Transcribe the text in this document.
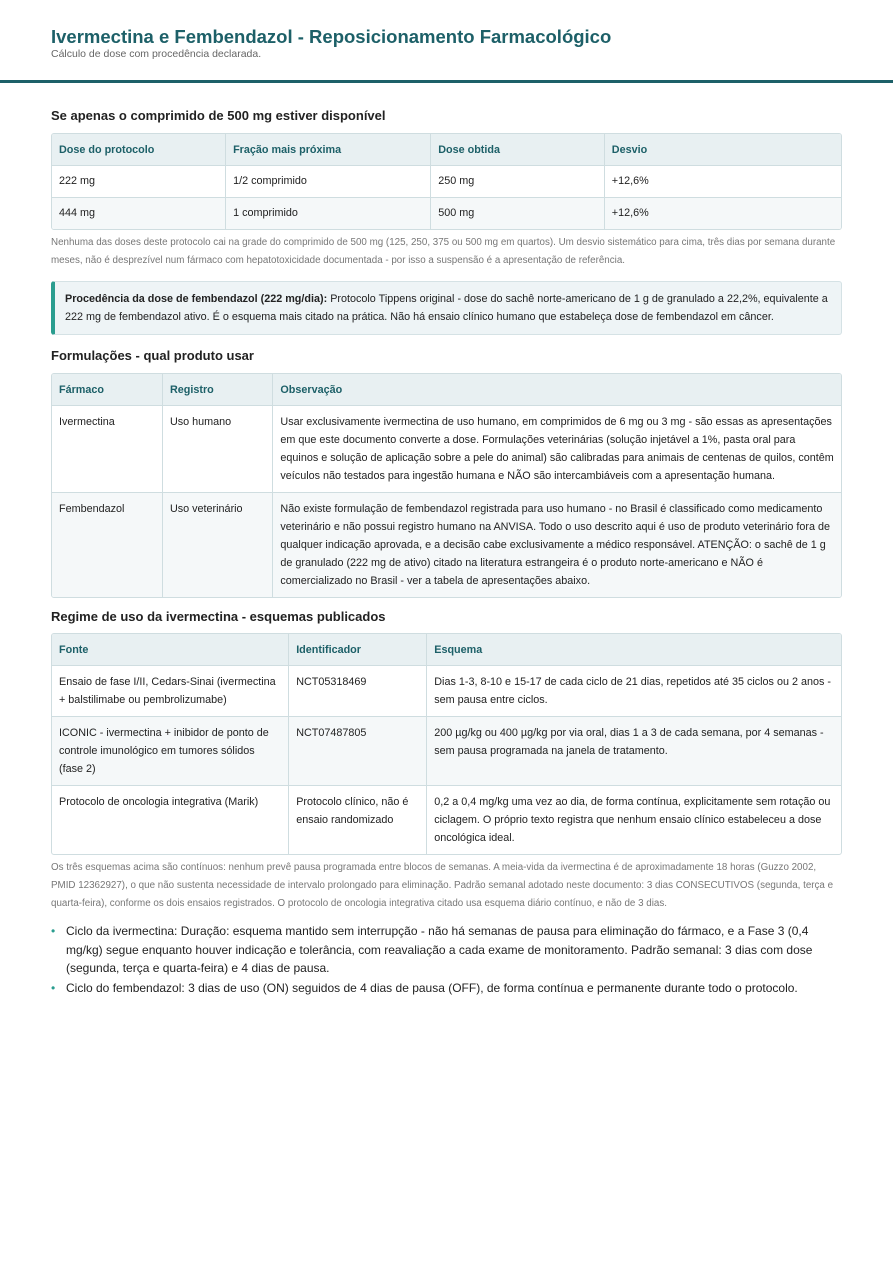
Ivermectina e Fembendazol - Reposicionamento Farmacológico
Cálculo de dose com procedência declarada.
Se apenas o comprimido de 500 mg estiver disponível
Dose do protocolo	Fração mais próxima	Dose obtida	Desvio
222 mg	1/2 comprimido	250 mg	+12,6%
444 mg	1 comprimido	500 mg	+12,6%
Nenhuma das doses deste protocolo cai na grade do comprimido de 500 mg (125, 250, 375 ou 500 mg em quartos). Um desvio sistemático para cima, três dias por semana durante meses, não é desprezível num fármaco com hepatotoxicidade documentada - por isso a suspensão é a apresentação de referência.
Procedência da dose de fembendazol (222 mg/dia): Protocolo Tippens original - dose do sachê norte-americano de 1 g de granulado a 22,2%, equivalente a 222 mg de fembendazol ativo. É o esquema mais citado na prática. Não há ensaio clínico humano que estabeleça dose de fembendazol em câncer.
Formulações - qual produto usar
Fármaco	Registro	Observação
Ivermectina	Uso humano	Usar exclusivamente ivermectina de uso humano, em comprimidos de 6 mg ou 3 mg - são essas as apresentações em que este documento converte a dose. Formulações veterinárias (solução injetável a 1%, pasta oral para equinos e solução de aplicação sobre a pele do animal) são calibradas para animais de centenas de quilos, contêm veículos não testados para ingestão humana e NÃO são intercambiáveis com a apresentação humana.
Fembendazol	Uso veterinário	Não existe formulação de fembendazol registrada para uso humano - no Brasil é classificado como medicamento veterinário e não possui registro humano na ANVISA. Todo o uso descrito aqui é uso de produto veterinário fora de qualquer indicação aprovada, e a decisão cabe exclusivamente a médico responsável. ATENÇÃO: o sachê de 1 g de granulado (222 mg de ativo) citado na literatura estrangeira é o produto norte-americano e NÃO é comercializado no Brasil - ver a tabela de apresentações abaixo.
Regime de uso da ivermectina - esquemas publicados
Fonte	Identificador	Esquema
Ensaio de fase I/II, Cedars-Sinai (ivermectina + balstilimabe ou pembrolizumabe)	NCT05318469	Dias 1-3, 8-10 e 15-17 de cada ciclo de 21 dias, repetidos até 35 ciclos ou 2 anos - sem pausa entre ciclos.
ICONIC - ivermectina + inibidor de ponto de controle imunológico em tumores sólidos (fase 2)	NCT07487805	200 µg/kg ou 400 µg/kg por via oral, dias 1 a 3 de cada semana, por 4 semanas - sem pausa programada na janela de tratamento.
Protocolo de oncologia integrativa (Marik)	Protocolo clínico, não é ensaio randomizado	0,2 a 0,4 mg/kg uma vez ao dia, de forma contínua, explicitamente sem rotação ou ciclagem. O próprio texto registra que nenhum ensaio clínico estabeleceu a dose oncológica ideal.
Os três esquemas acima são contínuos: nenhum prevê pausa programada entre blocos de semanas. A meia-vida da ivermectina é de aproximadamente 18 horas (Guzzo 2002, PMID 12362927), o que não sustenta necessidade de intervalo prolongado para eliminação. Padrão semanal adotado neste documento: 3 dias CONSECUTIVOS (segunda, terça e quarta-feira), conforme os dois ensaios registrados. O protocolo de oncologia integrativa citado usa esquema diário contínuo, e não de 3 dias.
• Ciclo da ivermectina: Duração: esquema mantido sem interrupção - não há semanas de pausa para eliminação do fármaco, e a Fase 3 (0,4 mg/kg) segue enquanto houver indicação e tolerância, com reavaliação a cada exame de monitoramento. Padrão semanal: 3 dias com dose (segunda, terça e quarta-feira) e 4 dias de pausa.
• Ciclo do fembendazol: 3 dias de uso (ON) seguidos de 4 dias de pausa (OFF), de forma contínua e permanente durante todo o protocolo.
